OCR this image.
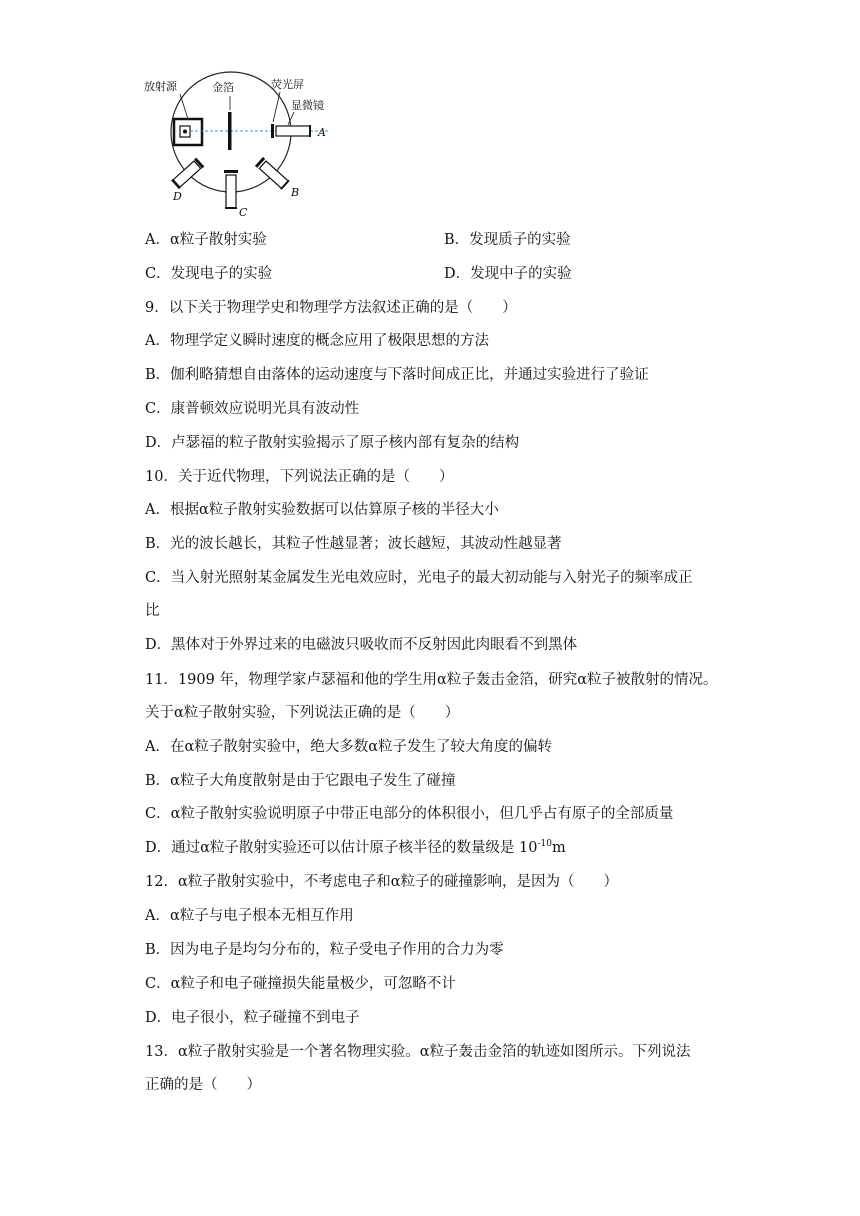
放射源	金箔	荧光屏
显微镜
A
B
C
D
A．α粒子散射实验	B．发现质子的实验
C．发现电子的实验	D．发现中子的实验
9．以下关于物理学史和物理学方法叙述正确的是（　　）
A．物理学定义瞬时速度的概念应用了极限思想的方法
B．伽利略猜想自由落体的运动速度与下落时间成正比，并通过实验进行了验证
C．康普顿效应说明光具有波动性
D．卢瑟福的粒子散射实验揭示了原子核内部有复杂的结构
10．关于近代物理，下列说法正确的是（　　）
A．根据α粒子散射实验数据可以估算原子核的半径大小
B．光的波长越长，其粒子性越显著；波长越短，其波动性越显著
C．当入射光照射某金属发生光电效应时，光电子的最大初动能与入射光子的频率成正
比
D．黑体对于外界过来的电磁波只吸收而不反射因此肉眼看不到黑体
11．1909 年，物理学家卢瑟福和他的学生用α粒子轰击金箔，研究α粒子被散射的情况。
关于α粒子散射实验，下列说法正确的是（　　）
A．在α粒子散射实验中，绝大多数α粒子发生了较大角度的偏转
B．α粒子大角度散射是由于它跟电子发生了碰撞
C．α粒子散射实验说明原子中带正电部分的体积很小，但几乎占有原子的全部质量
D．通过α粒子散射实验还可以估计原子核半径的数量级是 $10^{-10}m$
12．α粒子散射实验中，不考虑电子和α粒子的碰撞影响，是因为（　　）
A．α粒子与电子根本无相互作用
B．因为电子是均匀分布的，粒子受电子作用的合力为零
C．α粒子和电子碰撞损失能量极少，可忽略不计
D．电子很小，粒子碰撞不到电子
13．α粒子散射实验是一个著名物理实验。α粒子轰击金箔的轨迹如图所示。下列说法
正确的是（　　）
